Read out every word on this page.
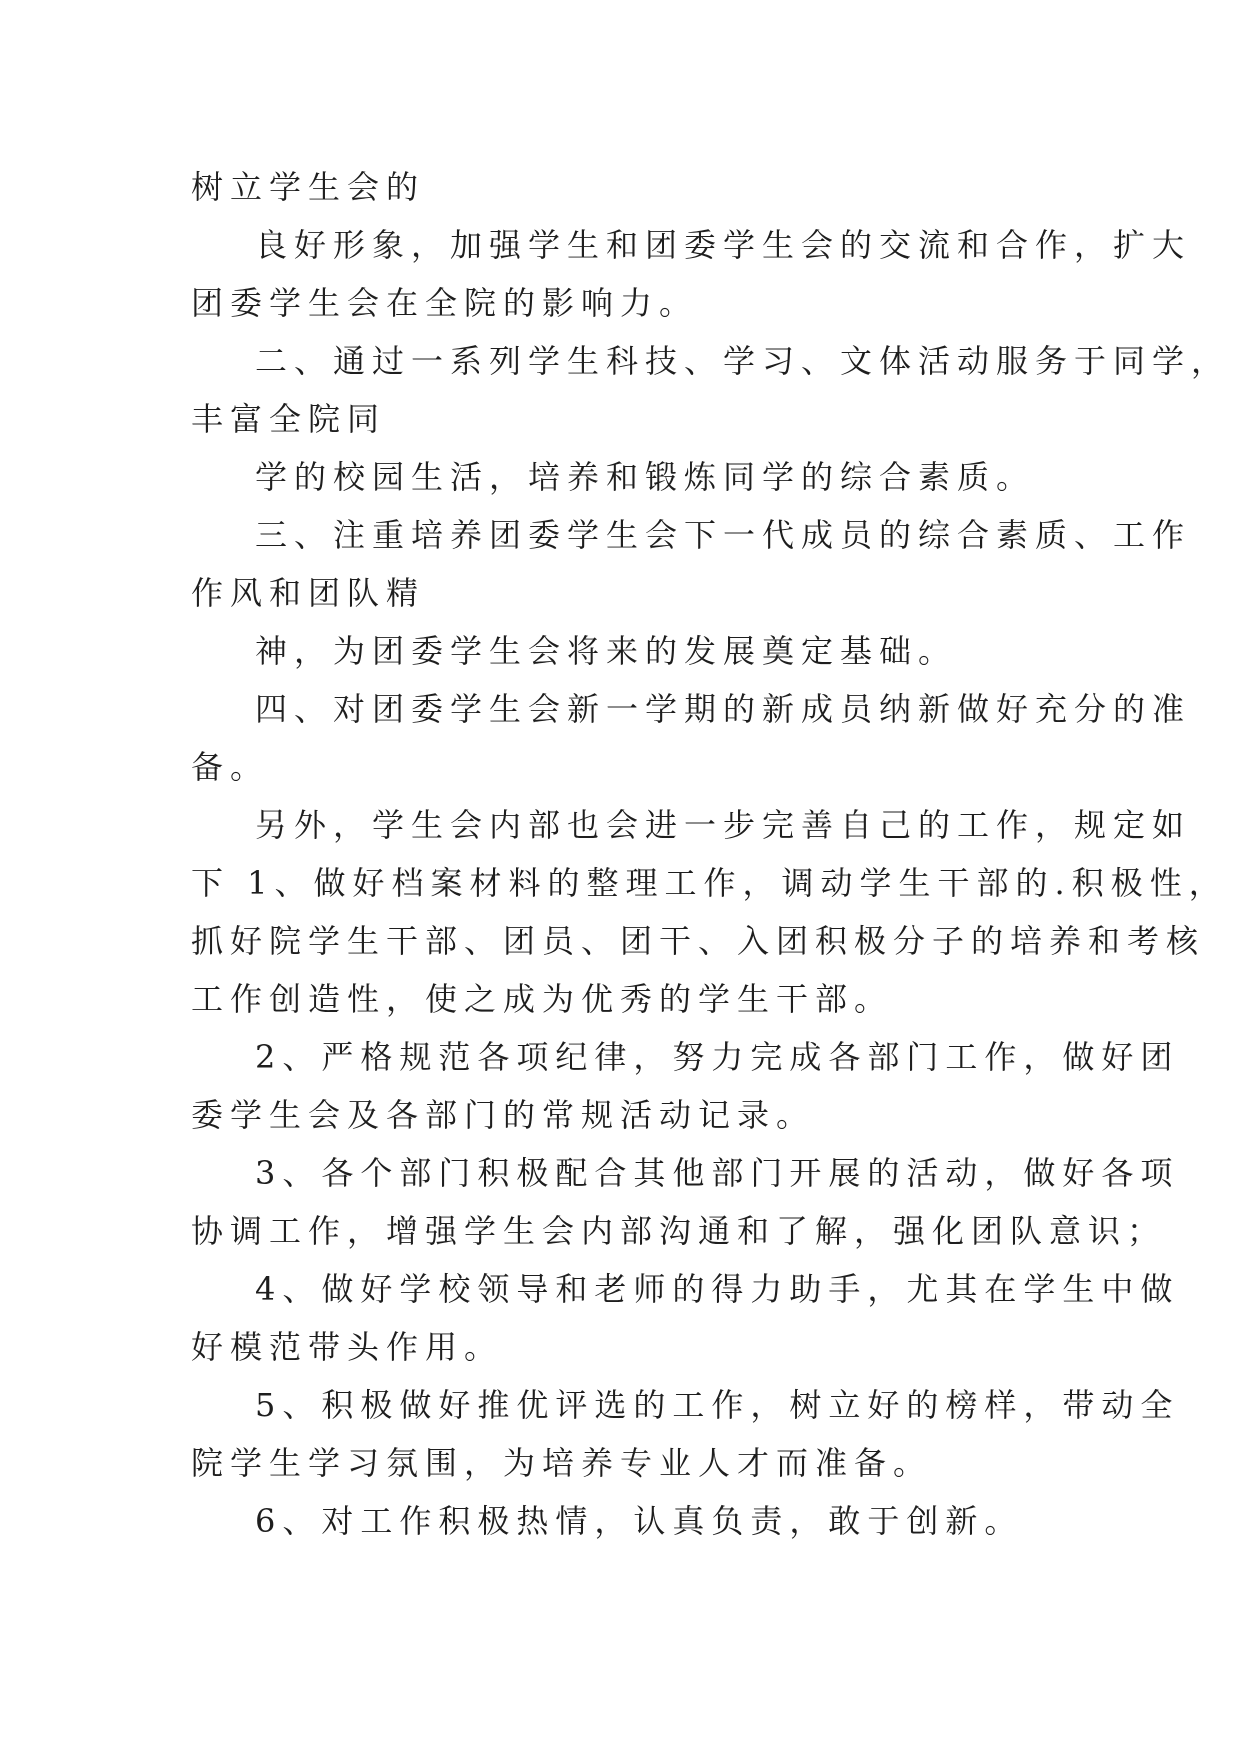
树立学生会的
良好形象，加强学生和团委学生会的交流和合作，扩大
团委学生会在全院的影响力。
二、通过一系列学生科技、学习、文体活动服务于同学，
丰富全院同
学的校园生活，培养和锻炼同学的综合素质。
三、注重培养团委学生会下一代成员的综合素质、工作
作风和团队精
神，为团委学生会将来的发展奠定基础。
四、对团委学生会新一学期的新成员纳新做好充分的准
备。
另外，学生会内部也会进一步完善自己的工作，规定如
下 1、做好档案材料的整理工作，调动学生干部的.积极性，
抓好院学生干部、团员、团干、入团积极分子的培养和考核
工作创造性，使之成为优秀的学生干部。
2、严格规范各项纪律，努力完成各部门工作，做好团
委学生会及各部门的常规活动记录。
3、各个部门积极配合其他部门开展的活动，做好各项
协调工作，增强学生会内部沟通和了解，强化团队意识；
4、做好学校领导和老师的得力助手，尤其在学生中做
好模范带头作用。
5、积极做好推优评选的工作，树立好的榜样，带动全
院学生学习氛围，为培养专业人才而准备。
6、对工作积极热情，认真负责，敢于创新。
